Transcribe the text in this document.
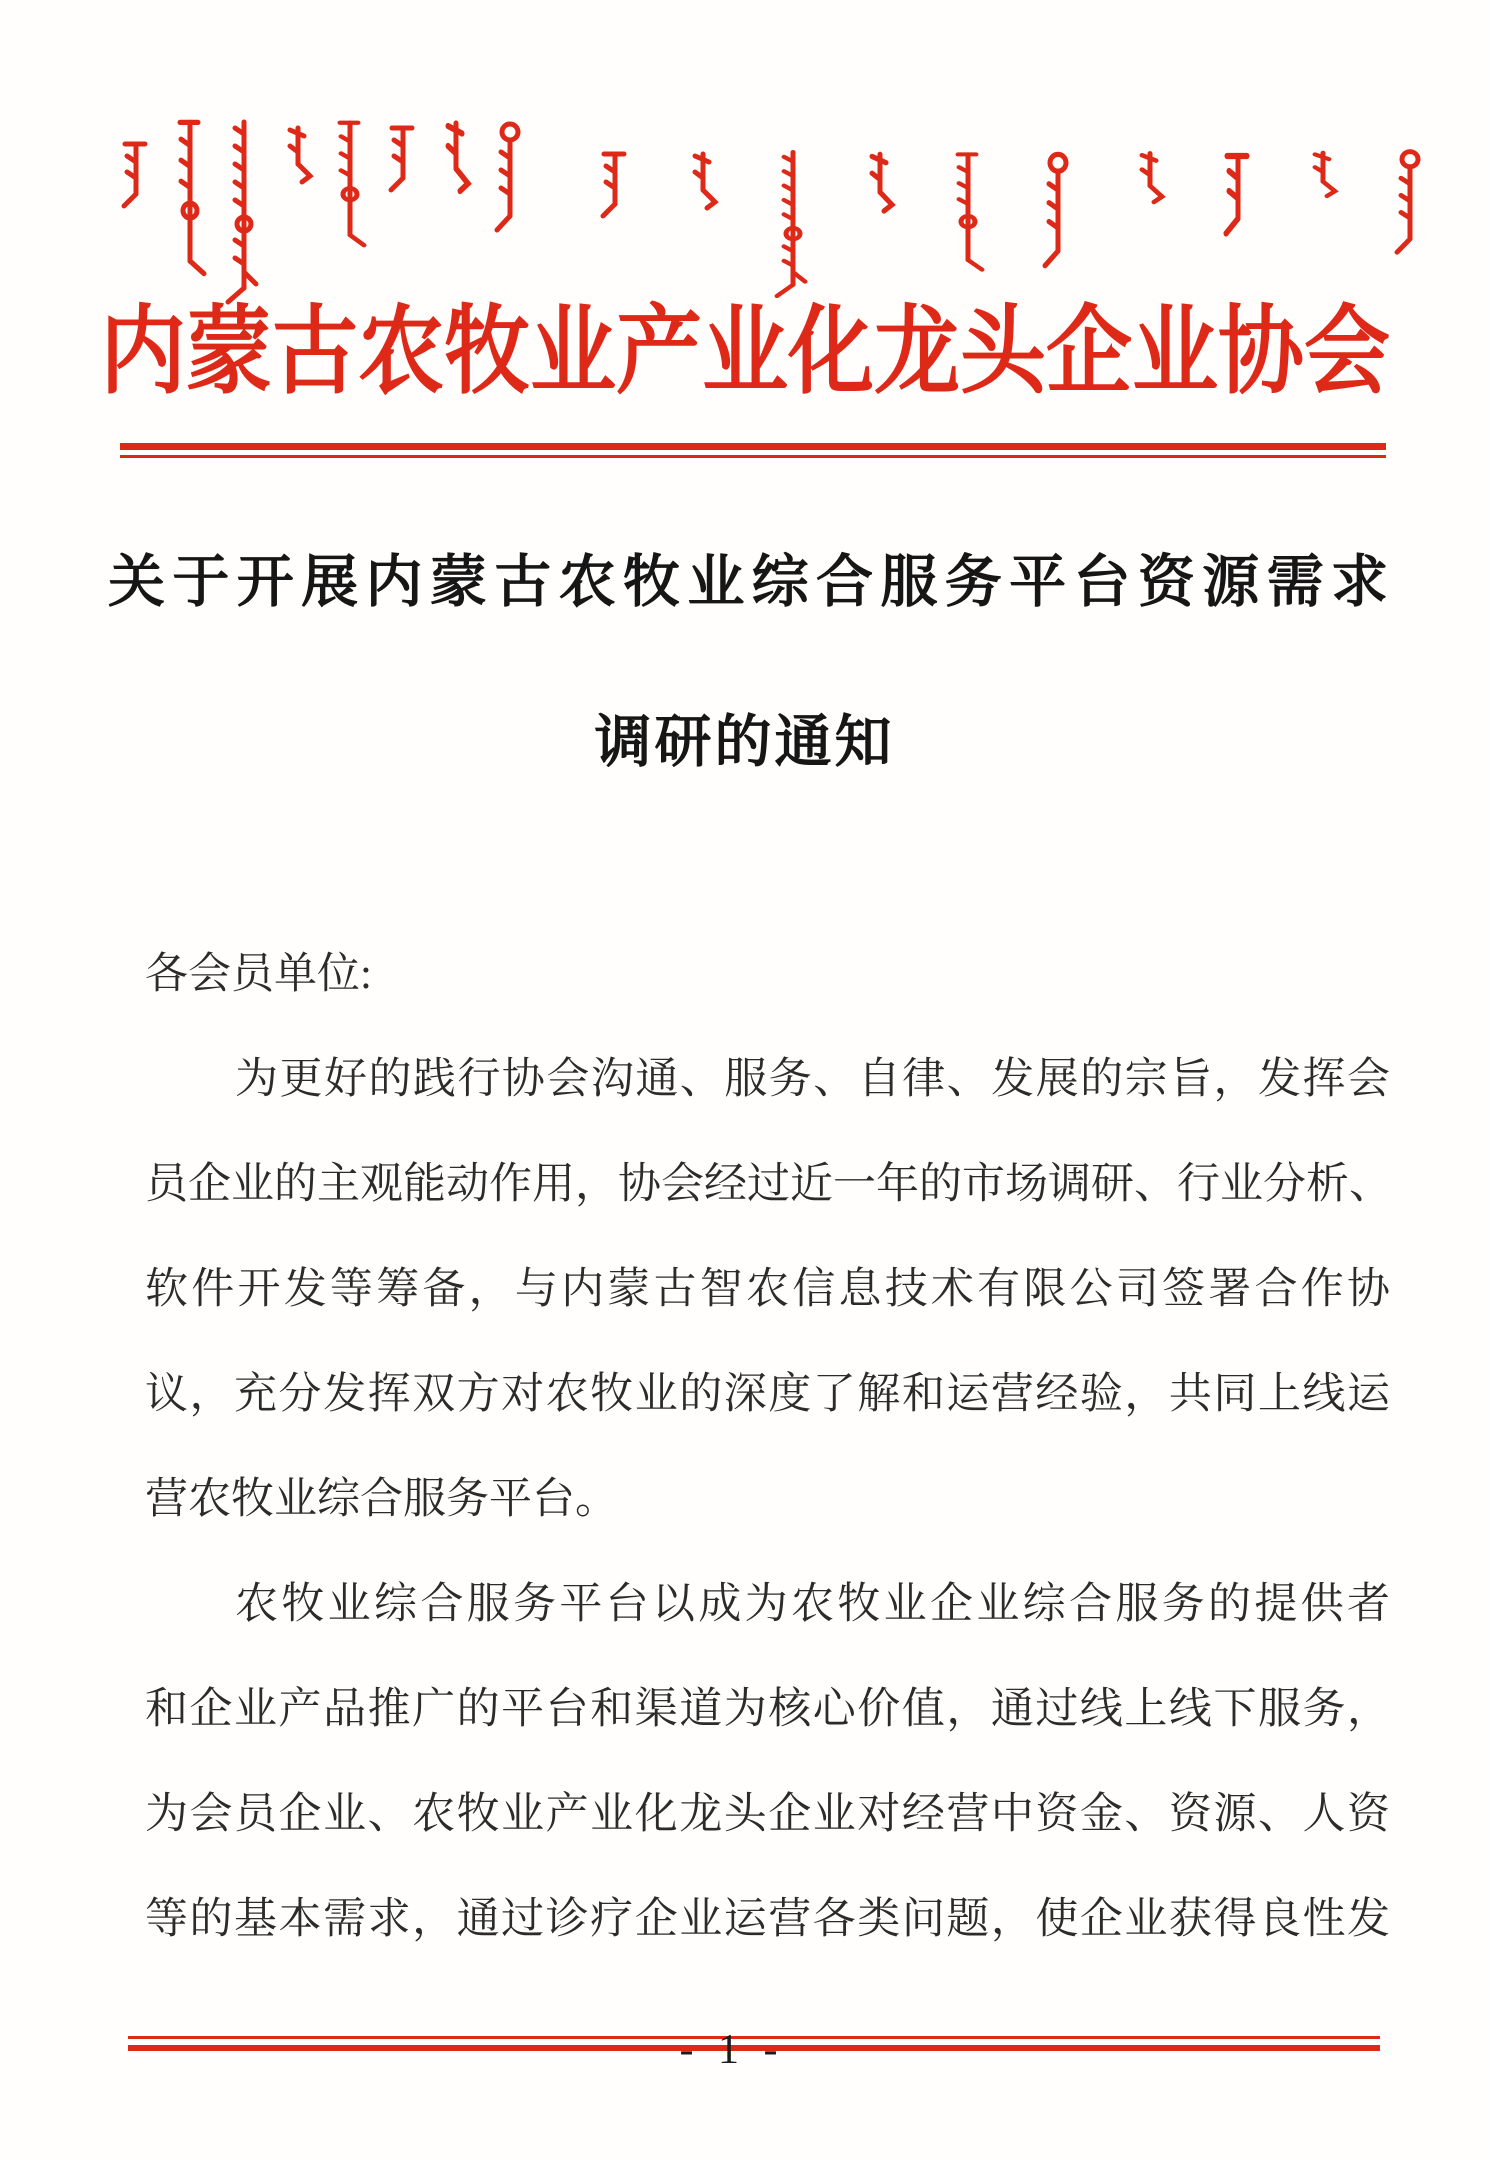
内蒙古农牧业产业化龙头企业协会
关于开展内蒙古农牧业综合服务平台资源需求
调研的通知
各会员单位:
为更好的践行协会沟通、服务、自律、发展的宗旨，发挥会
员企业的主观能动作用，协会经过近一年的市场调研、行业分析、
软件开发等筹备，与内蒙古智农信息技术有限公司签署合作协
议，充分发挥双方对农牧业的深度了解和运营经验，共同上线运
营农牧业综合服务平台。
农牧业综合服务平台以成为农牧业企业综合服务的提供者
和企业产品推广的平台和渠道为核心价值，通过线上线下服务，
为会员企业、农牧业产业化龙头企业对经营中资金、资源、人资
等的基本需求，通过诊疗企业运营各类问题，使企业获得良性发
- 1 -
